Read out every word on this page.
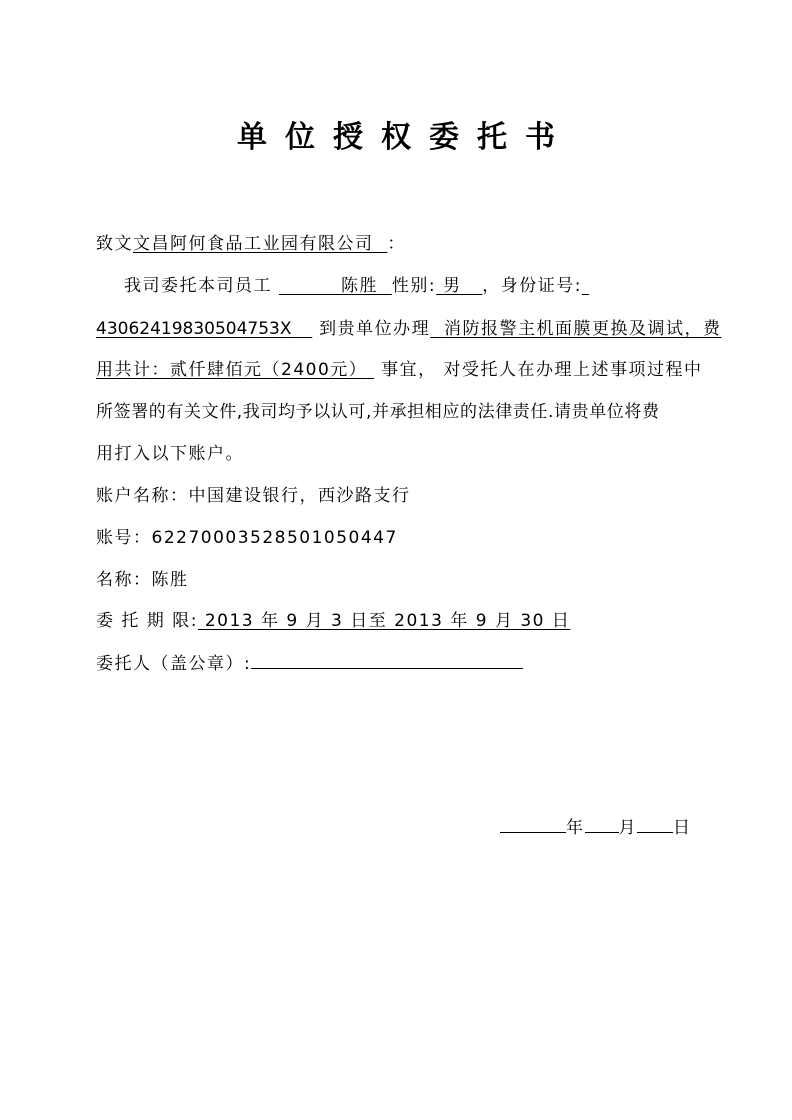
单位授权委托书
致文文昌阿何食品工业园有限公司 ：
我司委托本司员工	陈胜 性别: 男 ，身份证号:
43062419830504753X 到贵单位办理 消防报警主机面膜更换及调试，费
用共计：贰仟肆佰元（2400元） 事宜， 对受托人在办理上述事项过程中
所签署的有关文件,我司均予以认可,并承担相应的法律责任.请贵单位将费
用打入以下账户。
账户名称：中国建设银行，西沙路支行
账号：6227000352850105044​7
名称：陈胜
委 托 期 限: 2013 年 9 月 3 日至 2013 年 9 月 30 日
委托人（盖公章）:
年 月 日
